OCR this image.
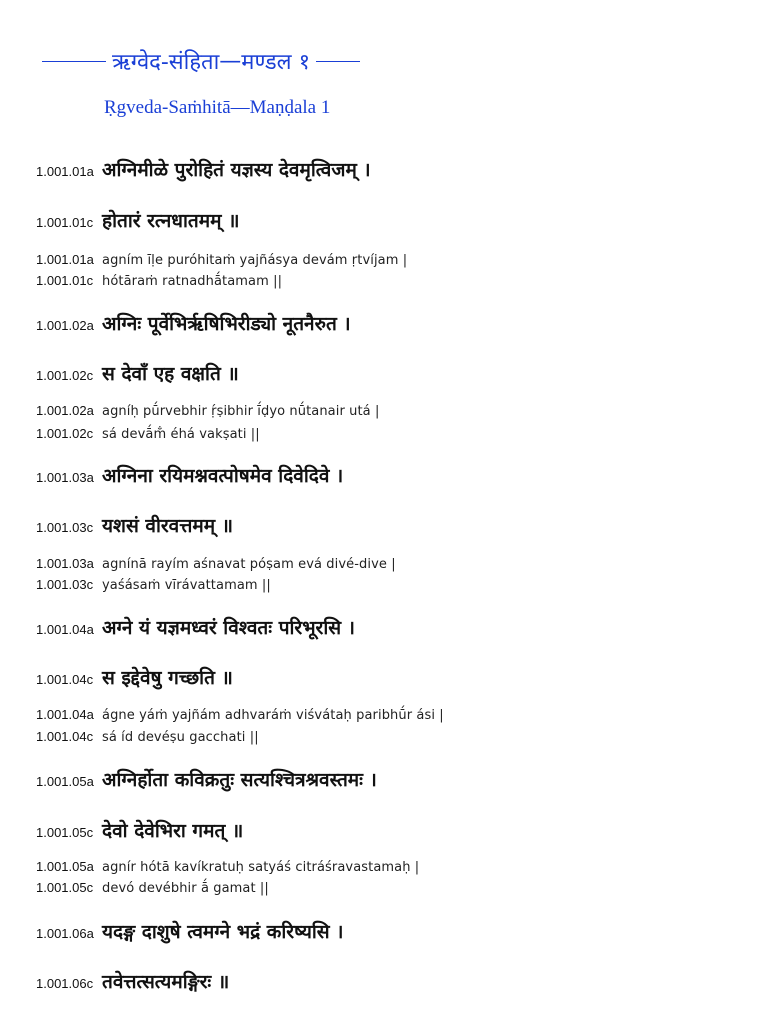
ऋग्वेद-संहिता — मण्डल १
Ṛgveda-Saṁhitā—Maṇḍala 1
1.001.01a अग्निमीळे पुरोहितं यज्ञस्य देवमृत्विजम् ।
1.001.01c होतारं रत्नधातमम् ॥
1.001.01a agním īḷe puróhitaṁ yajñásya devám ṛtvíjam |
1.001.01c hótāraṁ ratnadhā́tamam ||
1.001.02a अग्निः पूर्वेभिर्ऋषिभिरीड्यो नूतनैरुत ।
1.001.02c स देवाँ एह वक्षति ॥
1.001.02a agníḥ pū́rvebhir ṛ́ṣibhir ī́ḍyo nū́tanair utá |
1.001.02c sá devā́m̐ éhá vakṣati ||
1.001.03a अग्निना रयिमश्नवत्पोषमेव दिवेदिवे ।
1.001.03c यशसं वीरवत्तमम् ॥
1.001.03a agnínā rayím aśnavat póṣam evá divé-dive |
1.001.03c yaśásaṁ vīrávattamam ||
1.001.04a अग्ने यं यज्ञमध्वरं विश्वतः परिभूरसि ।
1.001.04c स इद्देवेषु गच्छति ॥
1.001.04a ágne yáṁ yajñám adhvaráṁ viśvátaḥ paribhū́r ási |
1.001.04c sá íd devéṣu gacchati ||
1.001.05a अग्निर्होता कविक्रतुः सत्यश्चित्रश्रवस्तमः ।
1.001.05c देवो देवेभिरा गमत् ॥
1.001.05a agnír hótā kavíkratuḥ satyáś citráśravastamaḥ |
1.001.05c devó devébhir ā́ gamat ||
1.001.06a यदङ्ग दाशुषे त्वमग्ने भद्रं करिष्यसि ।
1.001.06c तवेत्तत्सत्यमङ्गिरः ॥
